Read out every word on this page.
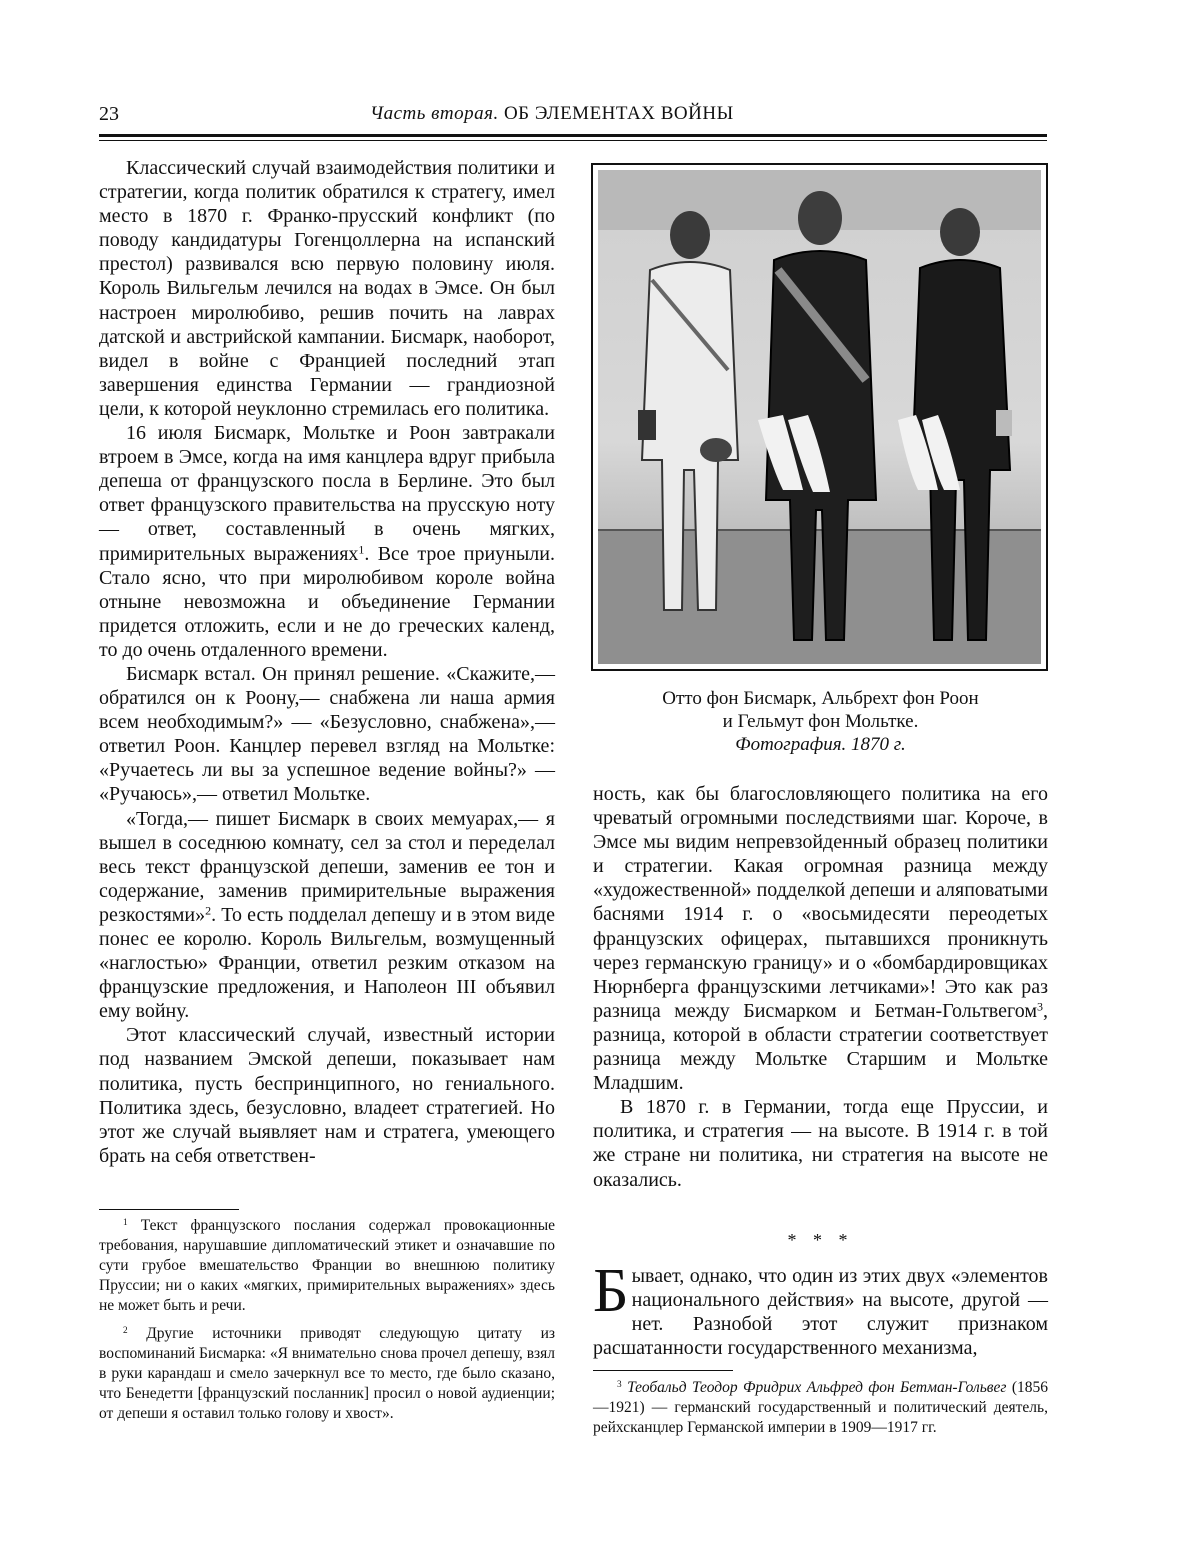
23	Часть вторая. ОБ ЭЛЕМЕНТАХ ВОЙНЫ

Классический случай взаимодействия политики и стратегии, когда политик обратился к стратегу, имел место в 1870 г. Франко-прусский конфликт (по поводу кандидатуры Гогенцоллерна на испанский престол) развивался всю первую половину июля. Король Вильгельм лечился на водах в Эмсе. Он был настроен миролюбиво, решив почить на лаврах датской и австрийской кампании. Бисмарк, наоборот, видел в войне с Францией последний этап завершения единства Германии — грандиозной цели, к которой неуклонно стремилась его политика.

16 июля Бисмарк, Мольтке и Роон завтракали втроем в Эмсе, когда на имя канцлера вдруг прибыла депеша от французского посла в Берлине. Это был ответ французского правительства на прусскую ноту— ответ, составленный в очень мягких, примирительных выражениях$^1$. Все трое приуныли. Стало ясно, что при миролюбивом короле война отныне невозможна и объединение Германии придется отложить, если и не до греческих календ, то до очень отдаленного времени.

Бисмарк встал. Он принял решение. «Скажите,— обратился он к Роону,— снабжена ли наша армия всем необходимым?» — «Безусловно, снабжена»,— ответил Роон. Канцлер перевел взгляд на Мольтке: «Ручаетесь ли вы за успешное ведение войны?» — «Ручаюсь»,— ответил Мольтке.

«Тогда,— пишет Бисмарк в своих мемуарах,— я вышел в соседнюю комнату, сел за стол и переделал весь текст французской депеши, заменив ее тон и содержание, заменив примирительные выражения резкостями»$^2$. То есть подделал депешу и в этом виде понес ее королю. Король Вильгельм, возмущенный «наглостью» Франции, ответил резким отказом на французские предложения, и Наполеон III объявил ему войну.

Этот классический случай, известный истории под названием Эмской депеши, показывает нам политика, пусть беспринципного, но гениального. Политика здесь, безусловно, владеет стратегией. Но этот же случай выявляет нам и стратега, умеющего брать на себя ответствен-

$^1$ Текст французского послания содержал провокационные требования, нарушавшие дипломатический этикет и означавшие по сути грубое вмешательство Франции во внешнюю политику Пруссии; ни о каких «мягких, примирительных выражениях» здесь не может быть и речи.

$^2$ Другие источники приводят следующую цитату из воспоминаний Бисмарка: «Я внимательно снова прочел депешу, взял в руки карандаш и смело зачеркнул все то место, где было сказано, что Бенедетти [французский посланник] просил о новой аудиенции; от депеши я оставил только голову и хвост».

Отто фон Бисмарк, Альбрехт фон Роон
и Гельмут фон Мольтке.
Фотография. 1870 г.

ность, как бы благословляющего политика на его чреватый огромными последствиями шаг. Короче, в Эмсе мы видим непревзойденный образец политики и стратегии. Какая огромная разница между «художественной» подделкой депеши и аляповатыми баснями 1914 г. о «восьмидесяти переодетых французских офицерах, пытавшихся проникнуть через германскую границу» и о «бомбардировщиках Нюрнберга французскими летчиками»! Это как раз разница между Бисмарком и Бетман-Гольтвегом$^3$, разница, которой в области стратегии соответствует разница между Мольтке Старшим и Мольтке Младшим.

В 1870 г. в Германии, тогда еще Пруссии, и политика, и стратегия — на высоте. В 1914 г. в той же стране ни политика, ни стратегия на высоте не оказались.

* * *
Бывает, однако, что один из этих двух «элементов национального действия» на высоте, другой — нет. Разнобой этот служит признаком расшатанности государственного механизма,

$^3$ Теобальд Теодор Фридрих Альфред фон Бетман-Гольвег (1856—1921) — германский государственный и политический деятель, рейхсканцлер Германской империи в 1909—1917 гг.
